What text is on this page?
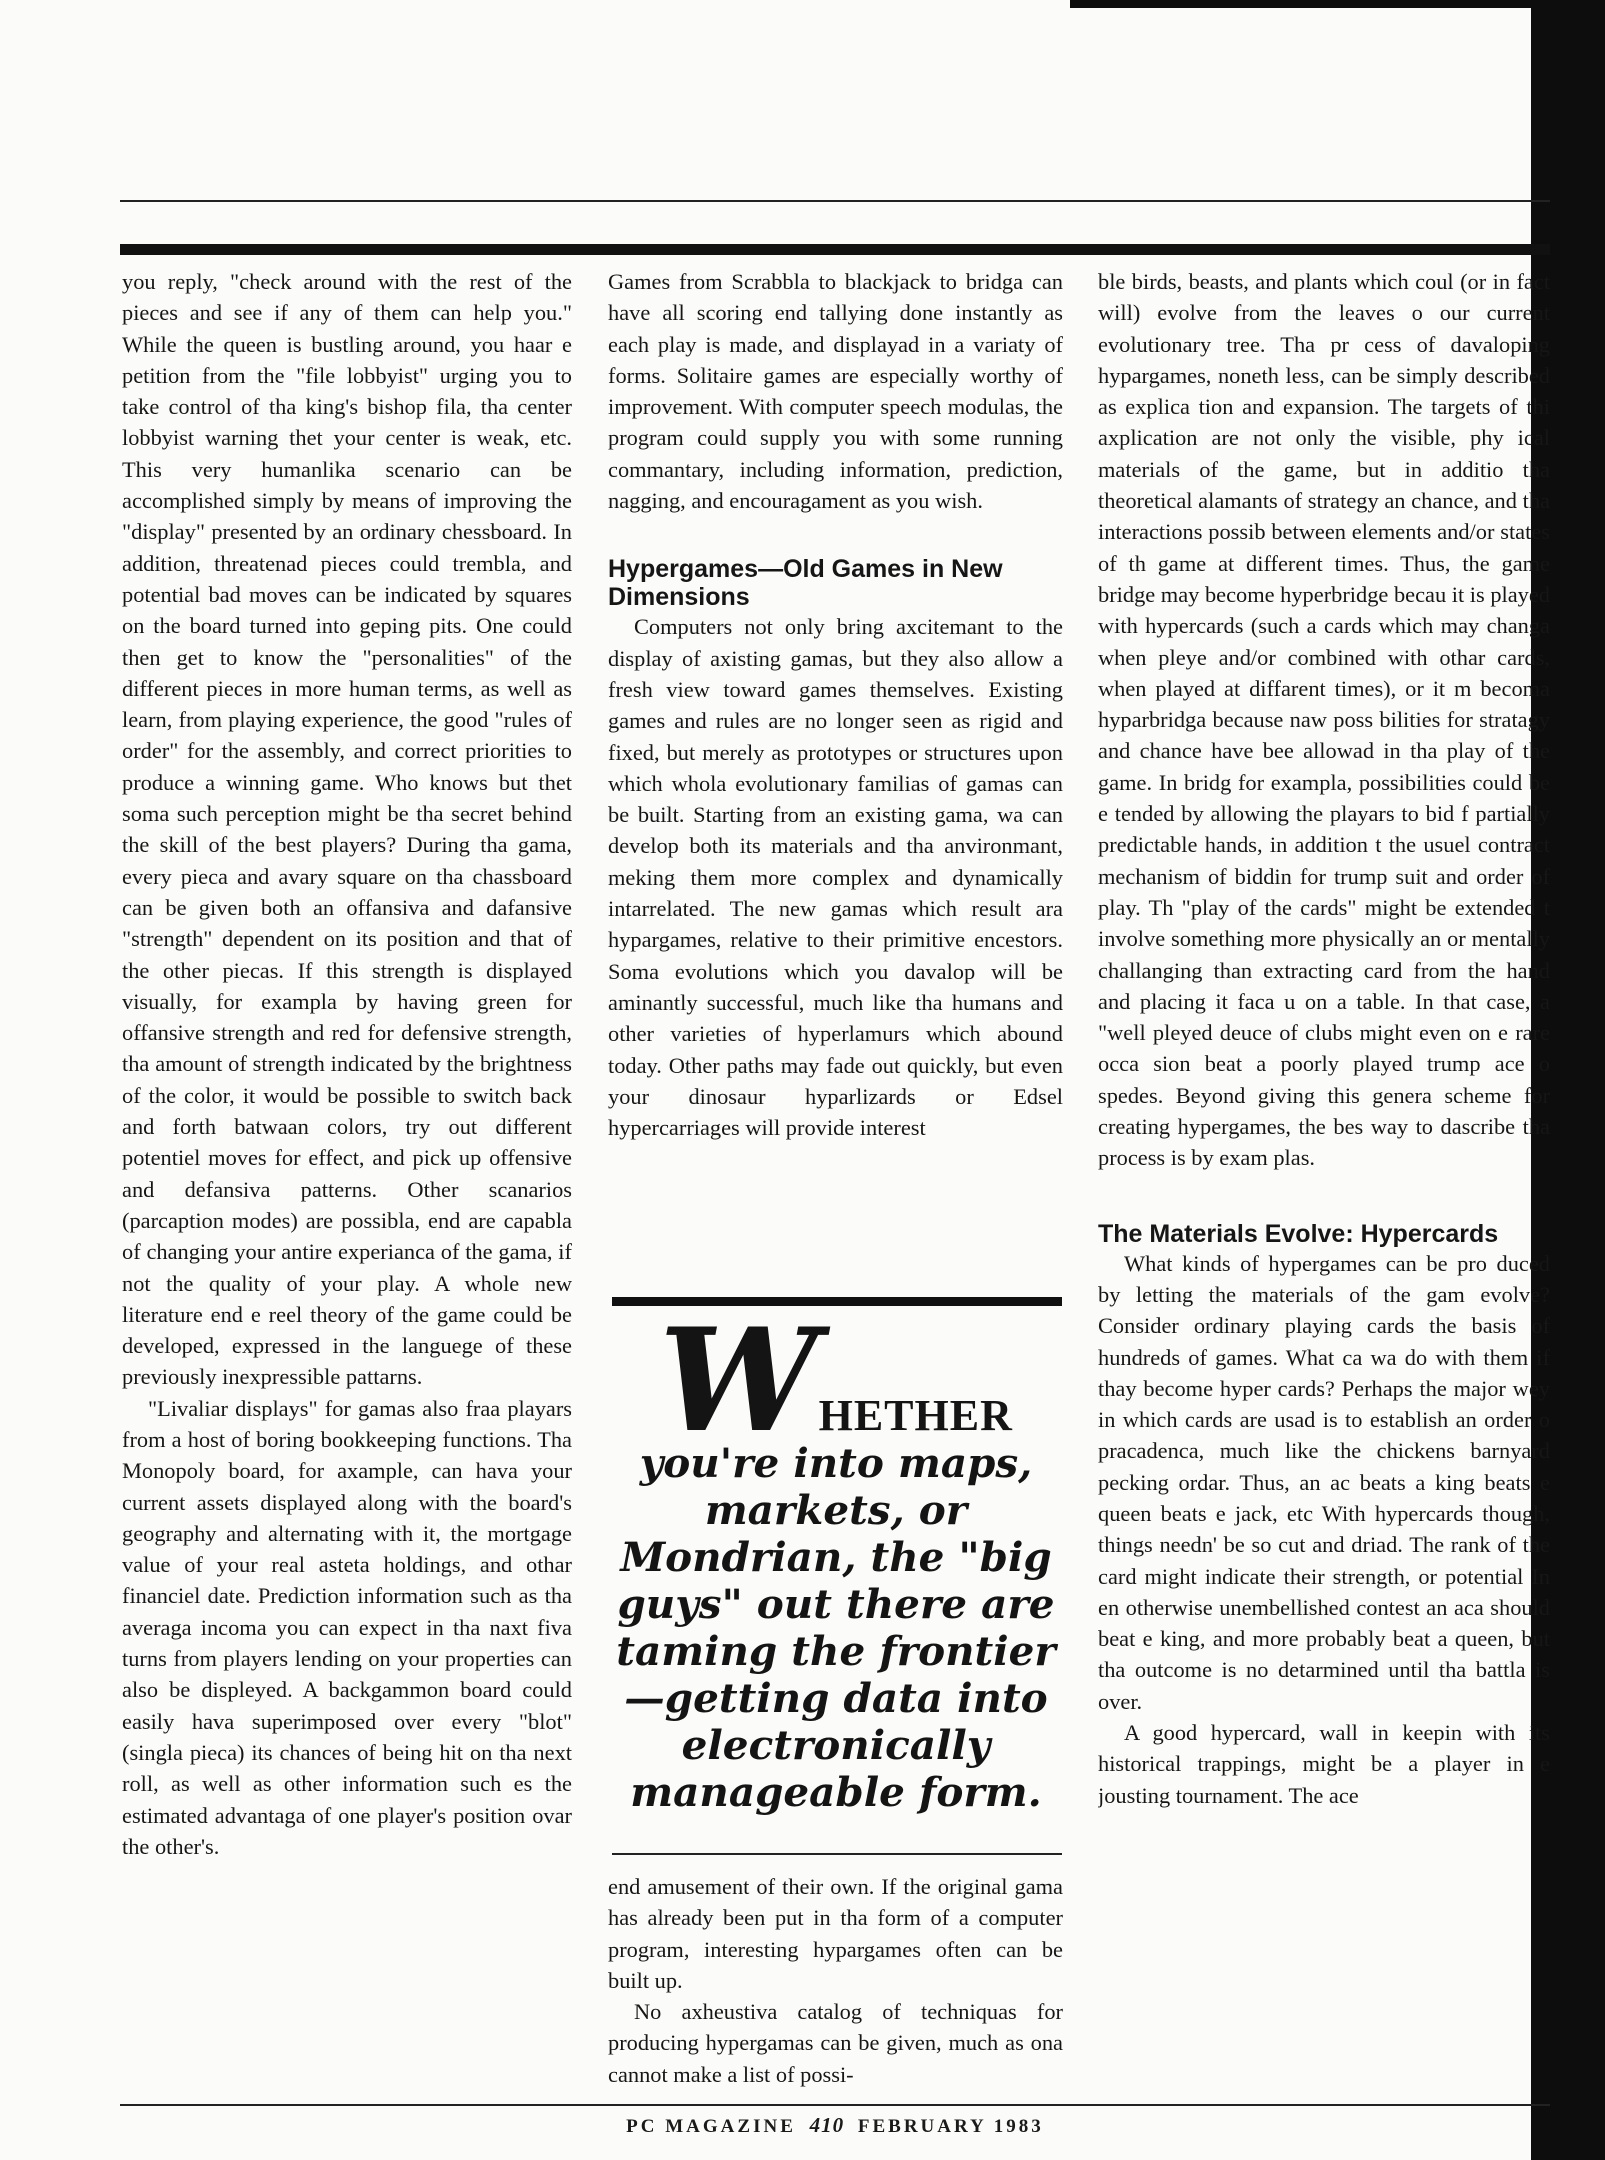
you reply, "check around with the rest of the pieces and see if any of them can help you." While the queen is bustling around, you haar e petition from the "file lobbyist" urging you to take control of tha king's bishop fila, tha center lobbyist warning thet your center is weak, etc. This very humanlika scenario can be accomplished simply by means of improving the "display" presented by an ordinary chessboard. In addition, threatenad pieces could trembla, and potential bad moves can be indicated by squares on the board turned into geping pits. One could then get to know the "personalities" of the different pieces in more human terms, as well as learn, from playing experience, the good "rules of order" for the assembly, and correct priorities to produce a winning game. Who knows but thet soma such perception might be tha secret behind the skill of the best players? During tha gama, every pieca and avary square on tha chassboard can be given both an offansiva and dafansive "strength" dependent on its position and that of the other piecas. If this strength is displayed visually, for exampla by having green for offansive strength and red for defensive strength, tha amount of strength indicated by the brightness of the color, it would be possible to switch back and forth batwaan colors, try out different potentiel moves for effect, and pick up offensive and defansiva patterns. Other scanarios (parcaption modes) are possibla, end are capabla of changing your antire experianca of the gama, if not the quality of your play. A whole new literature end e reel theory of the game could be developed, expressed in the languege of these previously inexpressible pattarns.

"Livaliar displays" for gamas also fraa playars from a host of boring bookkeeping functions. Tha Monopoly board, for axample, can hava your current assets displayed along with the board's geography and alternating with it, the mortgage value of your real asteta holdings, and othar financiel date. Prediction information such as tha averaga incoma you can expect in tha naxt fiva turns from players lending on your properties can also be displeyed. A backgammon board could easily hava superimposed over every "blot" (singla pieca) its chances of being hit on tha next roll, as well as other information such es the estimated advantaga of one player's position ovar the other's.

Games from Scrabbla to blackjack to bridga can have all scoring end tallying done instantly as each play is made, and displayad in a variaty of forms. Solitaire games are especially worthy of improvement. With computer speech modulas, the program could supply you with some running commantary, including information, prediction, nagging, and encouragament as you wish.

Hypergames—Old Games in New Dimensions

Computers not only bring axcitemant to the display of axisting gamas, but they also allow a fresh view toward games themselves. Existing games and rules are no longer seen as rigid and fixed, but merely as prototypes or structures upon which whola evolutionary familias of gamas can be built. Starting from an existing gama, wa can develop both its materials and tha anvironmant, meking them more complex and dynamically intarrelated. The new gamas which result ara hypargames, relative to their primitive encestors. Soma evolutions which you davalop will be aminantly successful, much like tha humans and other varieties of hyperlamurs which abound today. Other paths may fade out quickly, but even your dinosaur hyparlizards or Edsel hypercarriages will provide interest

WHETHER
you're into maps, markets, or Mondrian, the "big guys" out there are taming the frontier—getting data into electronically manageable form.

end amusement of their own. If the original gama has already been put in tha form of a computer program, interesting hypargames often can be built up.

No axheustiva catalog of techniquas for producing hypergamas can be given, much as ona cannot make a list of possi-

ble birds, beasts, and plants which coul (or in fact will) evolve from the leaves o our current evolutionary tree. Tha pr cess of davaloping hypargames, noneth less, can be simply described as explica tion and expansion. The targets of thi axplication are not only the visible, phy ical materials of the game, but in additio tha theoretical alamants of strategy an chance, and tha interactions possib between elements and/or states of th game at different times. Thus, the game bridge may become hyperbridge becau it is played with hypercards (such a cards which may changa when pleye and/or combined with othar cards, when played at diffarent times), or it m becoma hyparbridga because naw poss bilities for stratagy and chance have bee allowad in tha play of the game. In bridg for exampla, possibilities could be e tended by allowing the playars to bid f partially predictable hands, in addition t the usuel contract mechanism of biddin for trump suit and order of play. Th "play of the cards" might be extended t involve something more physically an or mentally challanging than extracting card from the hand and placing it faca u on a table. In that case, a "well pleyed deuce of clubs might even on e rare occa sion beat a poorly played trump ace o spedes. Beyond giving this genera scheme for creating hypergames, the bes way to dascribe tha process is by exam plas.

The Materials Evolve: Hypercards

What kinds of hypergames can be pro duced by letting the materials of the gam evolve? Consider ordinary playing cards the basis of hundreds of games. What ca wa do with them if thay become hyper cards? Perhaps the major wey in which cards are usad is to establish an order o pracadenca, much like the chickens barnyard pecking ordar. Thus, an ac beats a king beats e queen beats e jack, etc With hypercards though, things needn' be so cut and driad. The rank of the card might indicate their strength, or potential In en otherwise unembellished contest an aca should beat e king, and more probably beat a queen, but tha outcome is no detarmined until tha battla is over.

A good hypercard, wall in keepin with its historical trappings, might be a player in e jousting tournament. The ace

PC MAGAZINE 410 FEBRUARY 1983
